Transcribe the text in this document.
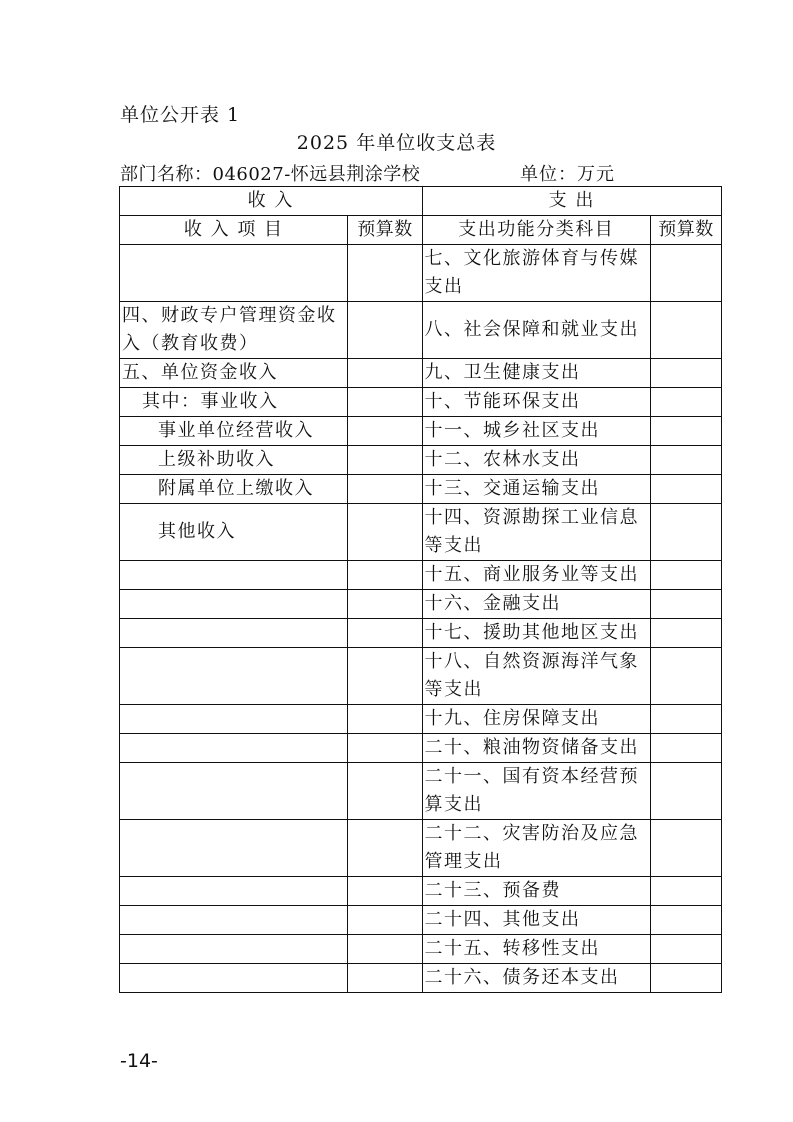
单位公开表 1
2025 年单位收支总表
部门名称：046027-怀远县荆涂学校	单位：万元
收 入		支 出	
收 入 项 目	预算数	支出功能分类科目	预算数
		七、文化旅游体育与传媒支出	
四、财政专户管理资金收入（教育收费）		八、社会保障和就业支出	
五、单位资金收入		九、卫生健康支出	
其中：事业收入		十、节能环保支出	
事业单位经营收入		十一、城乡社区支出	
上级补助收入		十二、农林水支出	
附属单位上缴收入		十三、交通运输支出	
其他收入		十四、资源勘探工业信息等支出	
		十五、商业服务业等支出	
		十六、金融支出	
		十七、援助其他地区支出	
		十八、自然资源海洋气象等支出	
		十九、住房保障支出	
		二十、粮油物资储备支出	
		二十一、国有资本经营预算支出	
		二十二、灾害防治及应急管理支出	
		二十三、预备费	
		二十四、其他支出	
		二十五、转移性支出	
		二十六、债务还本支出	
-14-
